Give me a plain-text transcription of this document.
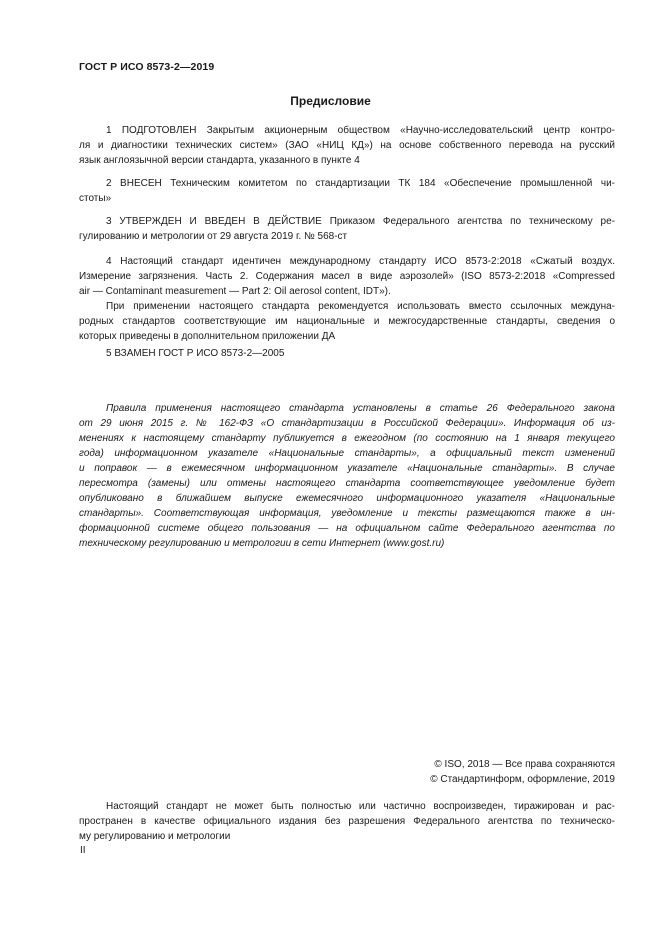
ГОСТ Р ИСО 8573-2—2019
Предисловие
1 ПОДГОТОВЛЕН Закрытым акционерным обществом «Научно-исследовательский центр контро-
ля и диагностики технических систем» (ЗАО «НИЦ КД») на основе собственного перевода на русский
язык англоязычной версии стандарта, указанного в пункте 4
2 ВНЕСЕН Техническим комитетом по стандартизации ТК 184 «Обеспечение промышленной чи-
стоты»
3 УТВЕРЖДЕН И ВВЕДЕН В ДЕЙСТВИЕ Приказом Федерального агентства по техническому ре-
гулированию и метрологии от 29 августа 2019 г. № 568-ст
4 Настоящий стандарт идентичен международному стандарту ИСО 8573-2:2018 «Сжатый воздух.
Измерение загрязнения. Часть 2. Содержания масел в виде аэрозолей» (ISO 8573-2:2018 «Compressed
air — Contaminant measurement — Part 2: Oil aerosol content, IDT»).
При применении настоящего стандарта рекомендуется использовать вместо ссылочных междуна-
родных стандартов соответствующие им национальные и межгосударственные стандарты, сведения о
которых приведены в дополнительном приложении ДА
5 ВЗАМЕН ГОСТ Р ИСО 8573-2—2005
Правила применения настоящего стандарта установлены в статье 26 Федерального закона
от 29 июня 2015 г. № 162-ФЗ «О стандартизации в Российской Федерации». Информация об из-
менениях к настоящему стандарту публикуется в ежегодном (по состоянию на 1 января текущего
года) информационном указателе «Национальные стандарты», а официальный текст изменений
и поправок — в ежемесячном информационном указателе «Национальные стандарты». В случае
пересмотра (замены) или отмены настоящего стандарта соответствующее уведомление будет
опубликовано в ближайшем выпуске ежемесячного информационного указателя «Национальные
стандарты». Соответствующая информация, уведомление и тексты размещаются также в ин-
формационной системе общего пользования — на официальном сайте Федерального агентства по
техническому регулированию и метрологии в сети Интернет (www.gost.ru)
© ISO, 2018 — Все права сохраняются
© Стандартинформ, оформление, 2019
Настоящий стандарт не может быть полностью или частично воспроизведен, тиражирован и рас-
пространен в качестве официального издания без разрешения Федерального агентства по техническо-
му регулированию и метрологии
II
